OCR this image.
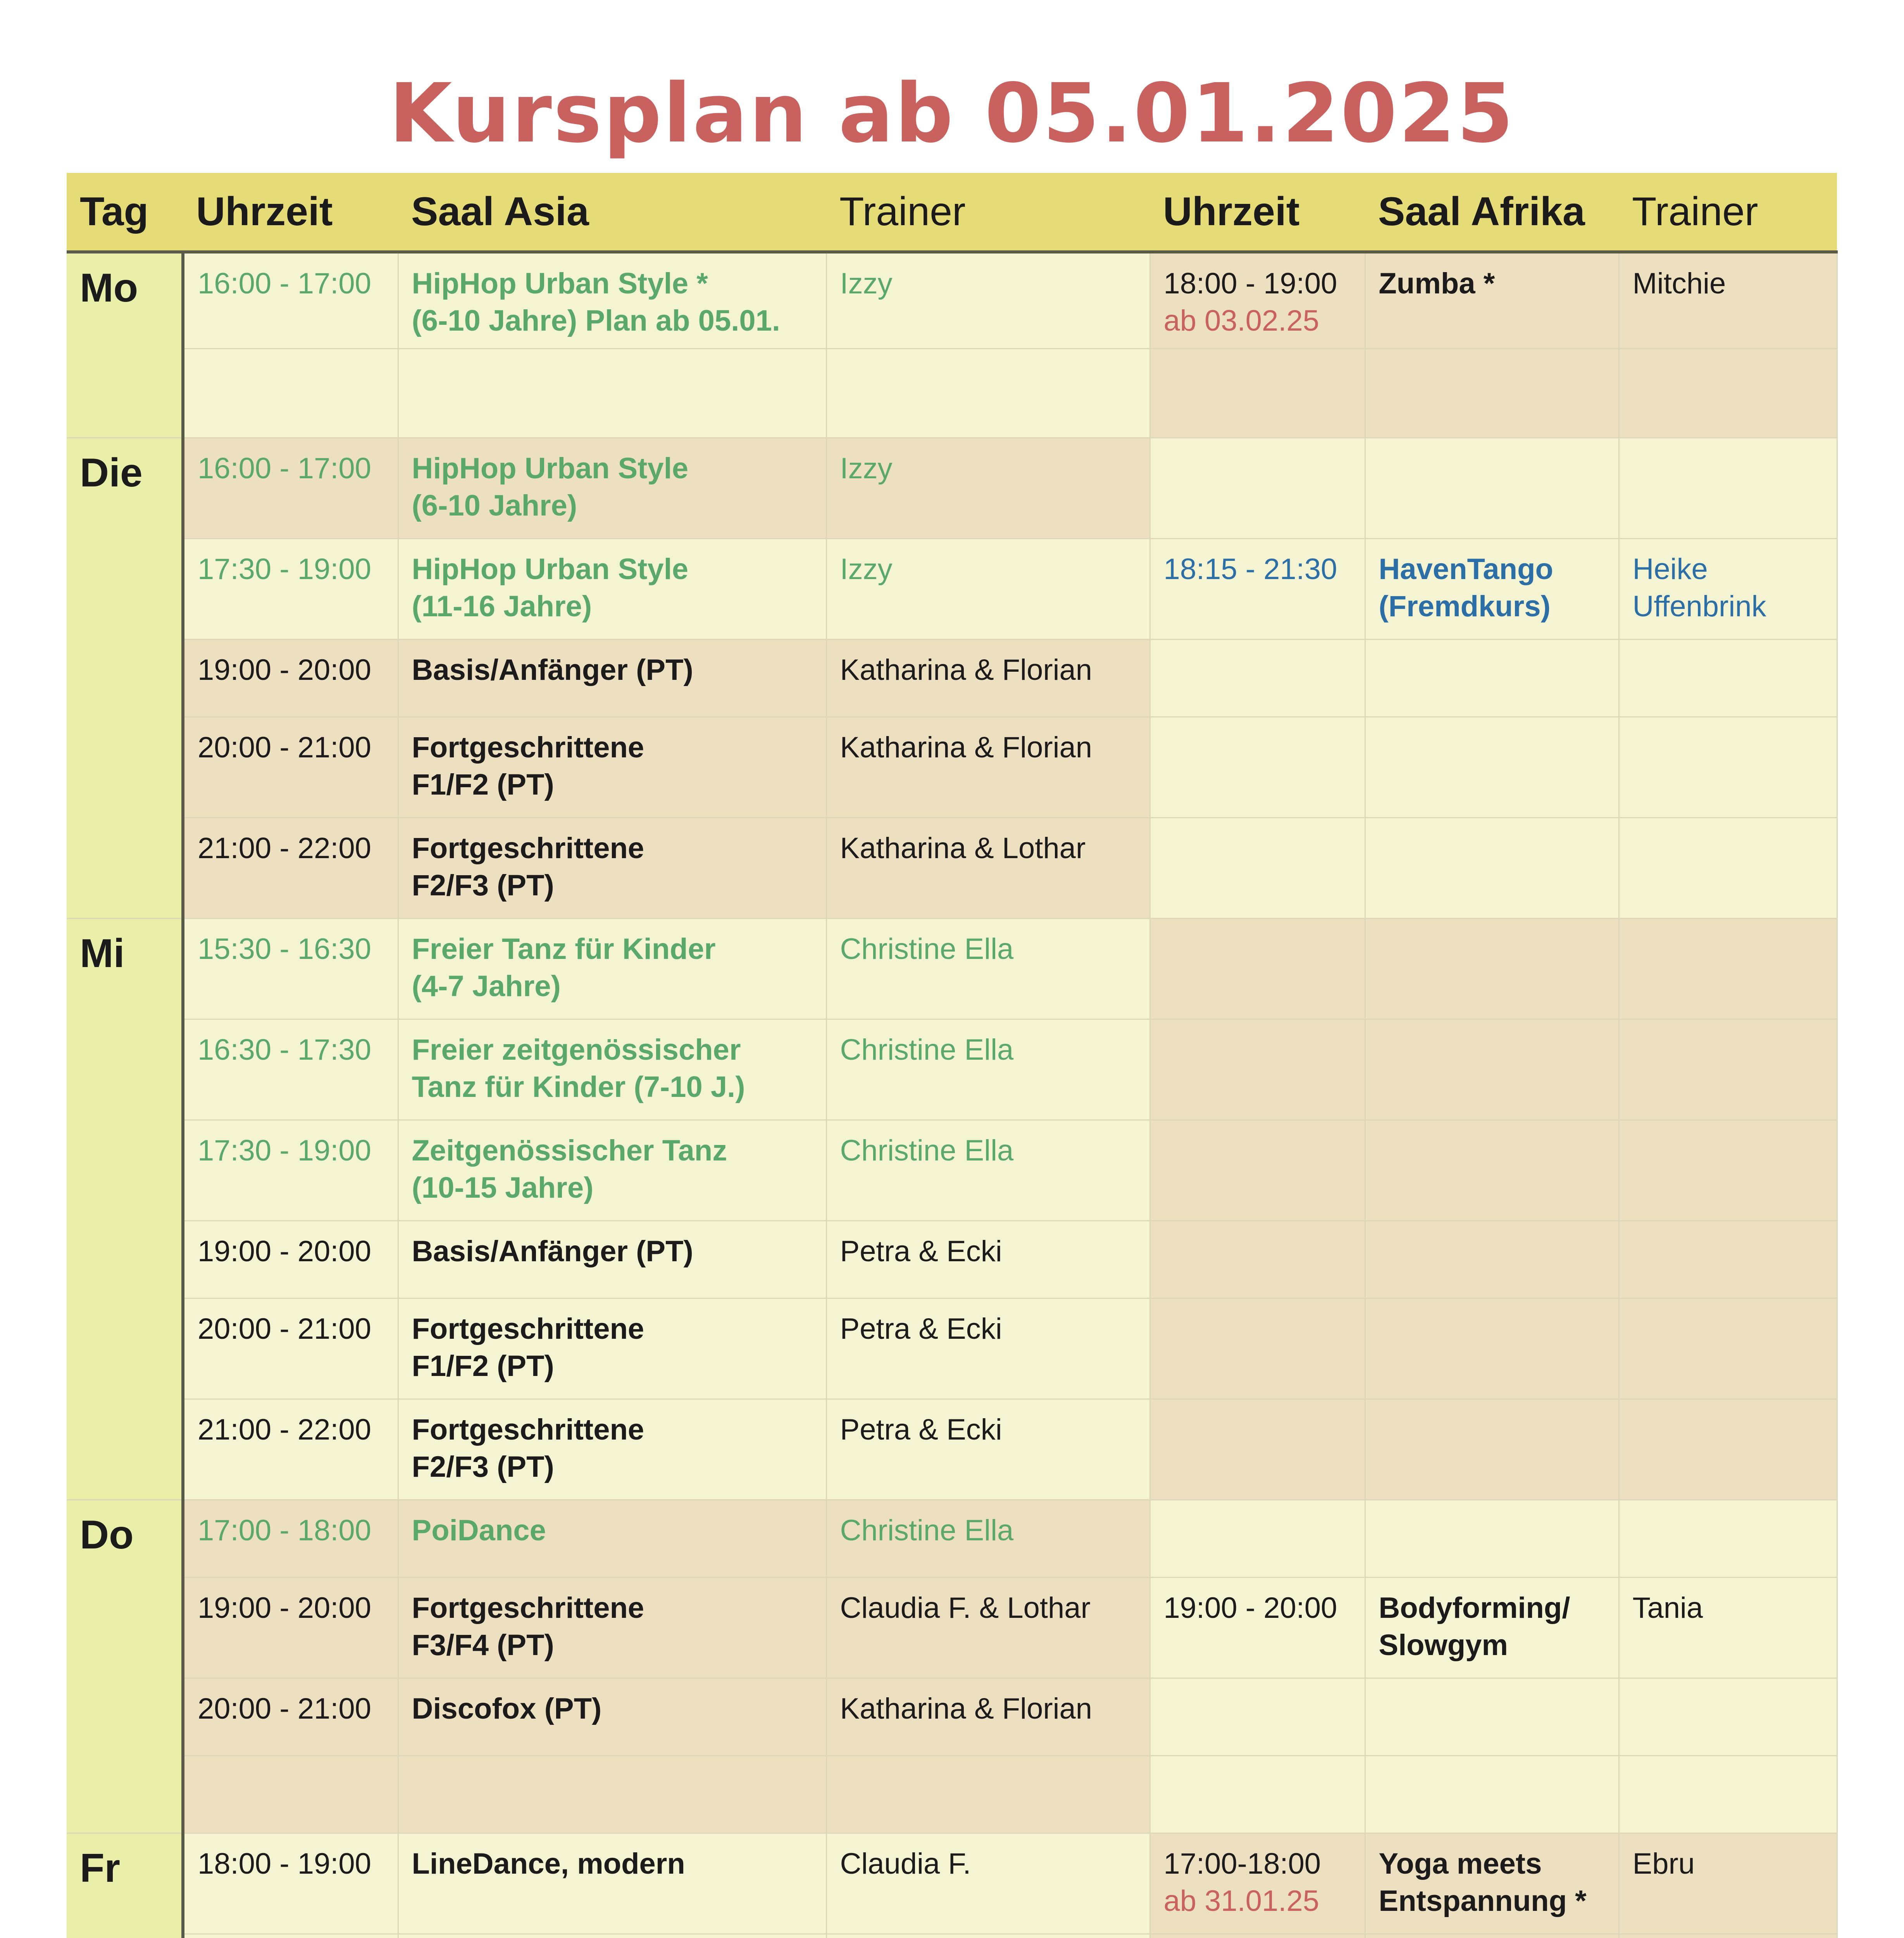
Kursplan ab 05.01.2025
Tag	Uhrzeit	Saal Asia	Trainer	Uhrzeit	Saal Afrika	Trainer
Mo	16:00 - 17:00	HipHop Urban Style *
(6-10 Jahre) Plan ab 05.01.	Izzy	18:00 - 19:00
ab 03.02.25	Zumba *	Mitchie

Die	16:00 - 17:00	HipHop Urban Style
(6-10 Jahre)	Izzy			
	17:30 - 19:00	HipHop Urban Style
(11-16 Jahre)	Izzy	18:15 - 21:30	HavenTango
(Fremdkurs)	Heike
Uffenbrink
	19:00 - 20:00	Basis/Anfänger (PT)	Katharina & Florian			
	20:00 - 21:00	Fortgeschrittene
F1/F2 (PT)	Katharina & Florian			
	21:00 - 22:00	Fortgeschrittene
F2/F3 (PT)	Katharina & Lothar			
Mi	15:30 - 16:30	Freier Tanz für Kinder
(4-7 Jahre)	Christine Ella			
	16:30 - 17:30	Freier zeitgenössischer
Tanz für Kinder (7-10 J.)	Christine Ella			
	17:30 - 19:00	Zeitgenössischer Tanz
(10-15 Jahre)	Christine Ella			
	19:00 - 20:00	Basis/Anfänger (PT)	Petra & Ecki			
	20:00 - 21:00	Fortgeschrittene
F1/F2 (PT)	Petra & Ecki			
	21:00 - 22:00	Fortgeschrittene
F2/F3 (PT)	Petra & Ecki			
Do	17:00 - 18:00	PoiDance	Christine Ella			
	19:00 - 20:00	Fortgeschrittene
F3/F4 (PT)	Claudia F. & Lothar	19:00 - 20:00	Bodyforming/
Slowgym	Tania
	20:00 - 21:00	Discofox (PT)	Katharina & Florian			

Fr	18:00 - 19:00	LineDance, modern	Claudia F.	17:00-18:00
ab 31.01.25	Yoga meets
Entspannung *	Ebru
